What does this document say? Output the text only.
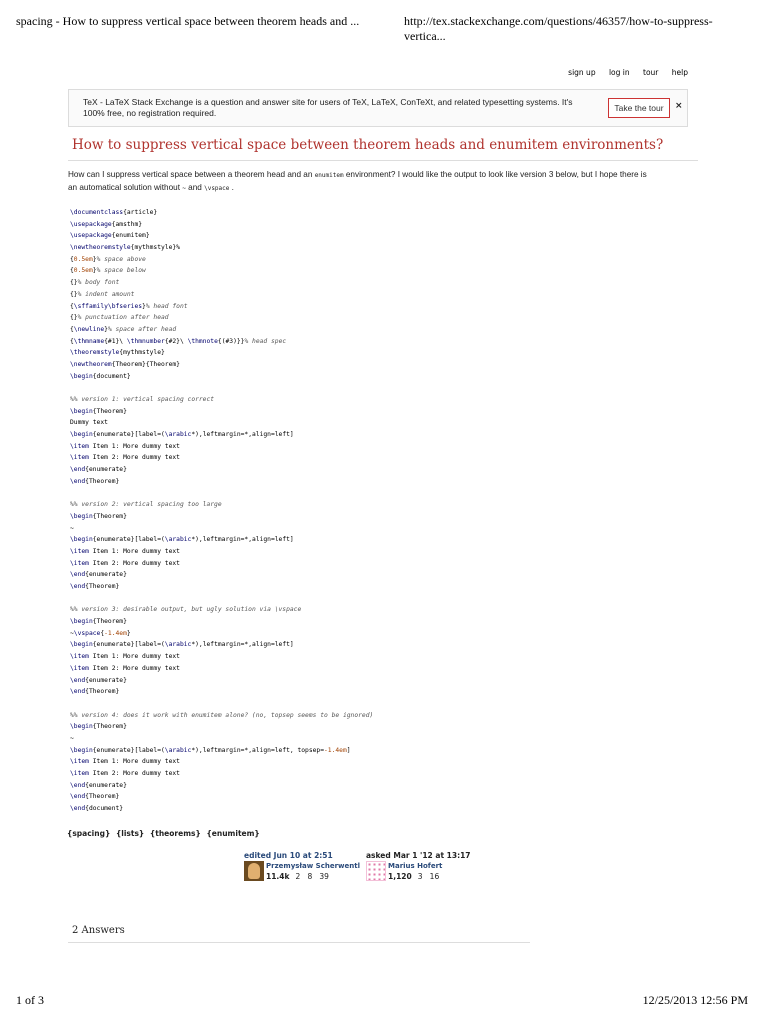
spacing - How to suppress vertical space between theorem heads and ...	http://tex.stackexchange.com/questions/46357/how-to-suppress-vertica...
sign up log in tour help
TeX - LaTeX Stack Exchange is a question and answer site for users of TeX, LaTeX, ConTeXt, and related typesetting systems. It's 100% free, no registration required.	Take the tour	×
How to suppress vertical space between theorem heads and enumitem environments?
How can I suppress vertical space between a theorem head and an enumitem environment? I would like the output to look like version 3 below, but I hope there is an automatical solution without ~ and \vspace .
\documentclass{article}
\usepackage{amsthm}
\usepackage{enumitem}
\newtheoremstyle{mythmstyle}%
{0.5em}% space above
{0.5em}% space below
{}% body font
{}% indent amount
{\sffamily\bfseries}% head font
{}% punctuation after head
{\newline}% space after head
{\thmname{#1}\ \thmnumber{#2}\ \thmnote{(#3)}}% head spec
\theoremstyle{mythmstyle}
\newtheorem{Theorem}{Theorem}
\begin{document}
%% version 1: vertical spacing correct
\begin{Theorem}
Dummy text
\begin{enumerate}[label=(\arabic*),leftmargin=*,align=left]
\item Item 1: More dummy text
\item Item 2: More dummy text
\end{enumerate}
\end{Theorem}
%% version 2: vertical spacing too large
\begin{Theorem}
~
\begin{enumerate}[label=(\arabic*),leftmargin=*,align=left]
\item Item 1: More dummy text
\item Item 2: More dummy text
\end{enumerate}
\end{Theorem}
%% version 3: desirable output, but ugly solution via \vspace
\begin{Theorem}
~\vspace{-1.4em}
\begin{enumerate}[label=(\arabic*),leftmargin=*,align=left]
\item Item 1: More dummy text
\item Item 2: More dummy text
\end{enumerate}
\end{Theorem}
%% version 4: does it work with enumitem alone? (no, topsep seems to be ignored)
\begin{Theorem}
~
\begin{enumerate}[label=(\arabic*),leftmargin=*,align=left, topsep=-1.4em]
\item Item 1: More dummy text
\item Item 2: More dummy text
\end{enumerate}
\end{Theorem}
\end{document}
{spacing} {lists} {theorems} {enumitem}
edited Jun 10 at 2:51
Przemysław Scherwentl
11.4k 2 8 39
asked Mar 1 '12 at 13:17
Marius Hofert
1,120 3 16
2 Answers
1 of 3	12/25/2013 12:56 PM
